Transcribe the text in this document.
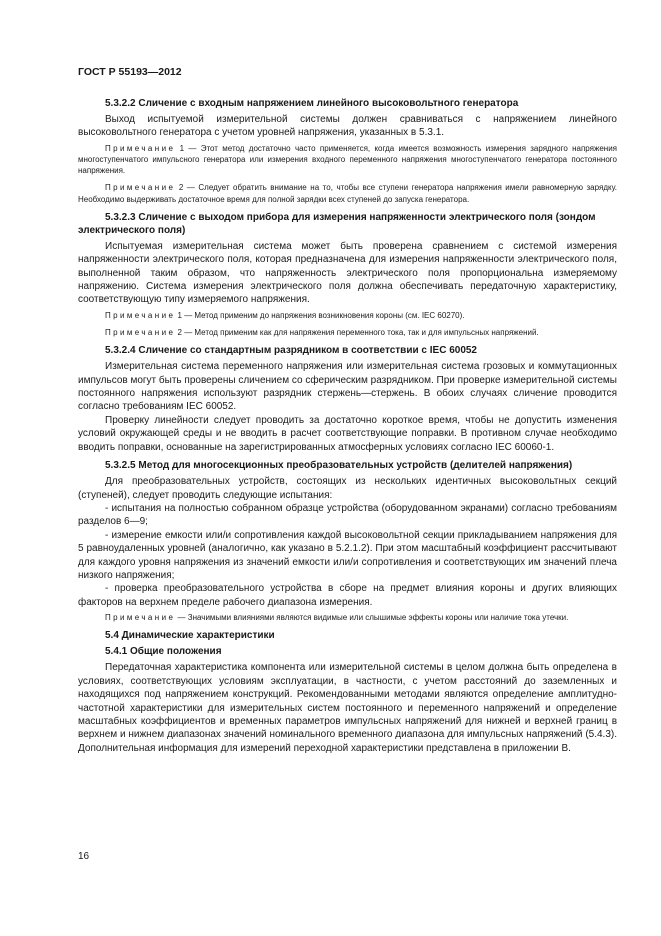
ГОСТ Р 55193—2012
5.3.2.2 Сличение с входным напряжением линейного высоковольтного генератора
Выход испытуемой измерительной системы должен сравниваться с напряжением линейного высоковольтного генератора с учетом уровней напряжения, указанных в 5.3.1.
Примечание 1 — Этот метод достаточно часто применяется, когда имеется возможность измерения зарядного напряжения многоступенчатого импульсного генератора или измерения входного переменного напряжения многоступенчатого генератора постоянного напряжения.
Примечание 2 — Следует обратить внимание на то, чтобы все ступени генератора напряжения имели равномерную зарядку. Необходимо выдерживать достаточное время для полной зарядки всех ступеней до запуска генератора.
5.3.2.3 Сличение с выходом прибора для измерения напряженности электрического поля (зондом электрического поля)
Испытуемая измерительная система может быть проверена сравнением с системой измерения напряженности электрического поля, которая предназначена для измерения напряженности электрического поля, выполненной таким образом, что напряженность электрического поля пропорциональна измеряемому напряжению. Система измерения электрического поля должна обеспечивать передаточную характеристику, соответствующую типу измеряемого напряжения.
Примечание 1 — Метод применим до напряжения возникновения короны (см. IEC 60270).
Примечание 2 — Метод применим как для напряжения переменного тока, так и для импульсных напряжений.
5.3.2.4 Сличение со стандартным разрядником в соответствии с IEC 60052
Измерительная система переменного напряжения или измерительная система грозовых и коммутационных импульсов могут быть проверены сличением со сферическим разрядником. При проверке измерительной системы постоянного напряжения используют разрядник стержень—стержень. В обоих случаях сличение проводится согласно требованиям IEC 60052.
Проверку линейности следует проводить за достаточно короткое время, чтобы не допустить изменения условий окружающей среды и не вводить в расчет соответствующие поправки. В противном случае необходимо вводить поправки, основанные на зарегистрированных атмосферных условиях согласно IEC 60060-1.
5.3.2.5 Метод для многосекционных преобразовательных устройств (делителей напряжения)
Для преобразовательных устройств, состоящих из нескольких идентичных высоковольтных секций (ступеней), следует проводить следующие испытания:
- испытания на полностью собранном образце устройства (оборудованном экранами) согласно требованиям разделов 6—9;
- измерение емкости или/и сопротивления каждой высоковольтной секции прикладыванием напряжения для 5 равноудаленных уровней (аналогично, как указано в 5.2.1.2). При этом масштабный коэффициент рассчитывают для каждого уровня напряжения из значений емкости или/и сопротивления и соответствующих им значений плеча низкого напряжения;
- проверка преобразовательного устройства в сборе на предмет влияния короны и других влияющих факторов на верхнем пределе рабочего диапазона измерения.
Примечание — Значимыми влияниями являются видимые или слышимые эффекты короны или наличие тока утечки.
5.4 Динамические характеристики
5.4.1 Общие положения
Передаточная характеристика компонента или измерительной системы в целом должна быть определена в условиях, соответствующих условиям эксплуатации, в частности, с учетом расстояний до заземленных и находящихся под напряжением конструкций. Рекомендованными методами являются определение амплитудно-частотной характеристики для измерительных систем постоянного и переменного напряжений и определение масштабных коэффициентов и временных параметров импульсных напряжений для нижней и верхней границ в верхнем и нижнем диапазонах значений номинального временного диапазона для импульсных напряжений (5.4.3). Дополнительная информация для измерений переходной характеристики представлена в приложении В.
16
